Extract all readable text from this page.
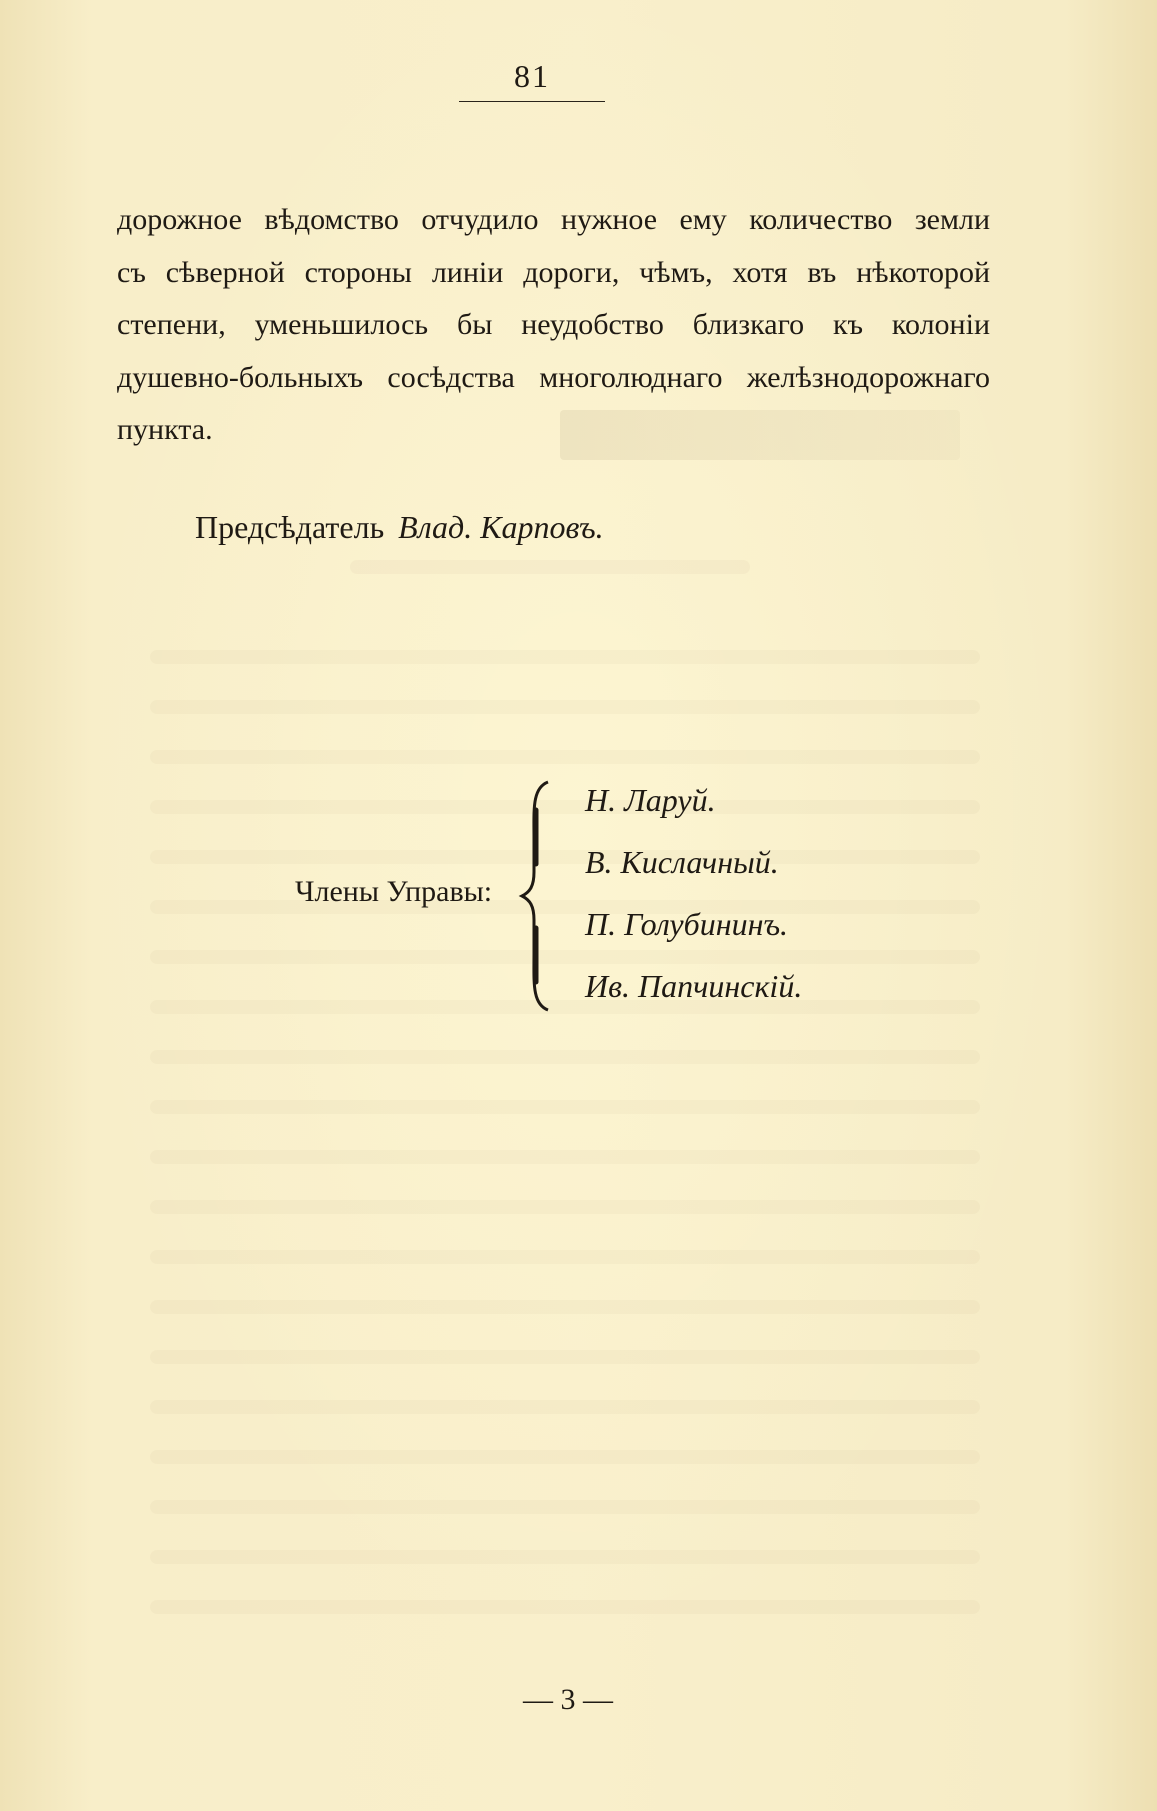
81
дорожное вѣдомство отчудило нужное ему количество земли
съ сѣверной стороны линіи дороги, чѣмъ, хотя въ нѣкоторой
степени, уменьшилось бы неудобство близкаго къ колоніи
душевно-больныхъ сосѣдства многолюднаго желѣзнодорожнаго
пункта.
Предсѣдатель Влад. Карповъ.
Члены Управы:
Н. Ларуй.
В. Кислачный.
П. Голубининъ.
Ив. Папчинскій.
— 3 —
